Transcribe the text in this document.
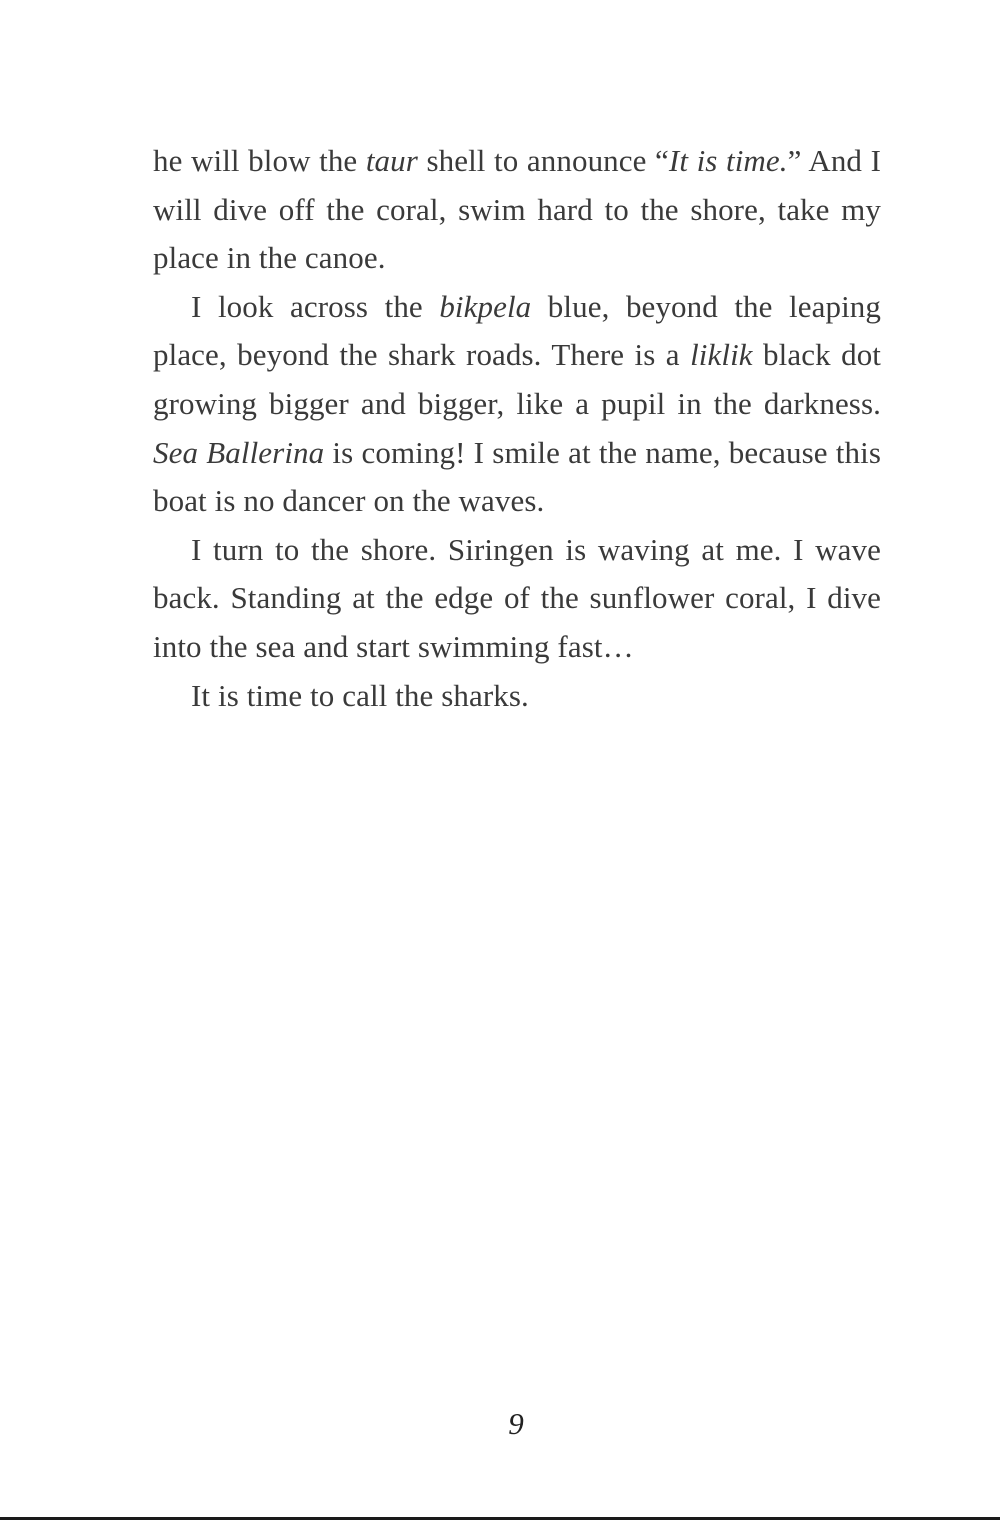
he will blow the taur shell to announce “It is time.” And I will dive off the coral, swim hard to the shore, take my place in the canoe.

I look across the bikpela blue, beyond the leaping place, beyond the shark roads. There is a liklik black dot growing bigger and bigger, like a pupil in the darkness. Sea Ballerina is coming! I smile at the name, because this boat is no dancer on the waves.

I turn to the shore. Siringen is waving at me. I wave back. Standing at the edge of the sunflower coral, I dive into the sea and start swimming fast…

It is time to call the sharks.

9
